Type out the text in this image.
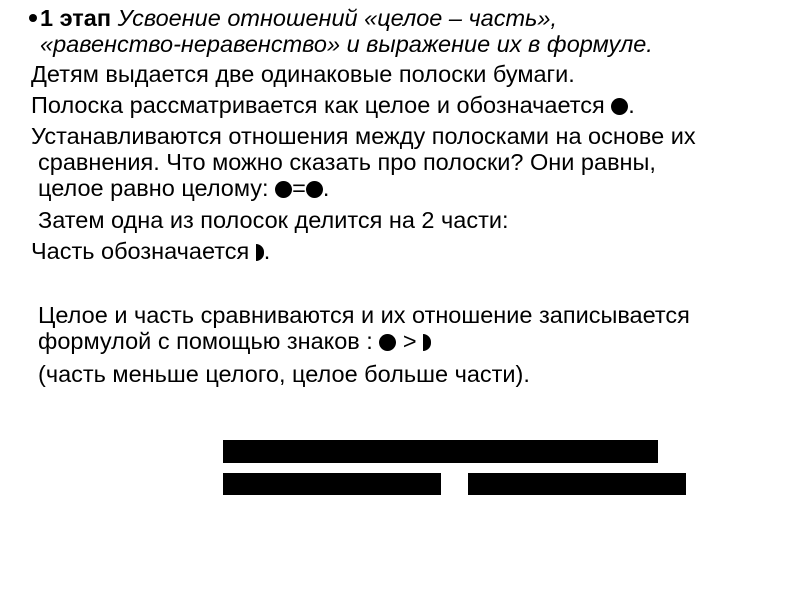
1 этап Усвоение отношений «целое – часть»,
«равенство-неравенство» и выражение их в формуле.
Детям выдается две одинаковые полоски бумаги.
Полоска рассматривается как целое и обозначается .
Устанавливаются отношения между полосками на основе их
сравнения. Что можно сказать про полоски? Они равны,
целое равно целому: = .
Затем одна из полосок делится на 2 части:
Часть обозначается .
Целое и часть сравниваются и их отношение записывается
формулой с помощью знаков : >
(часть меньше целого, целое больше части).
